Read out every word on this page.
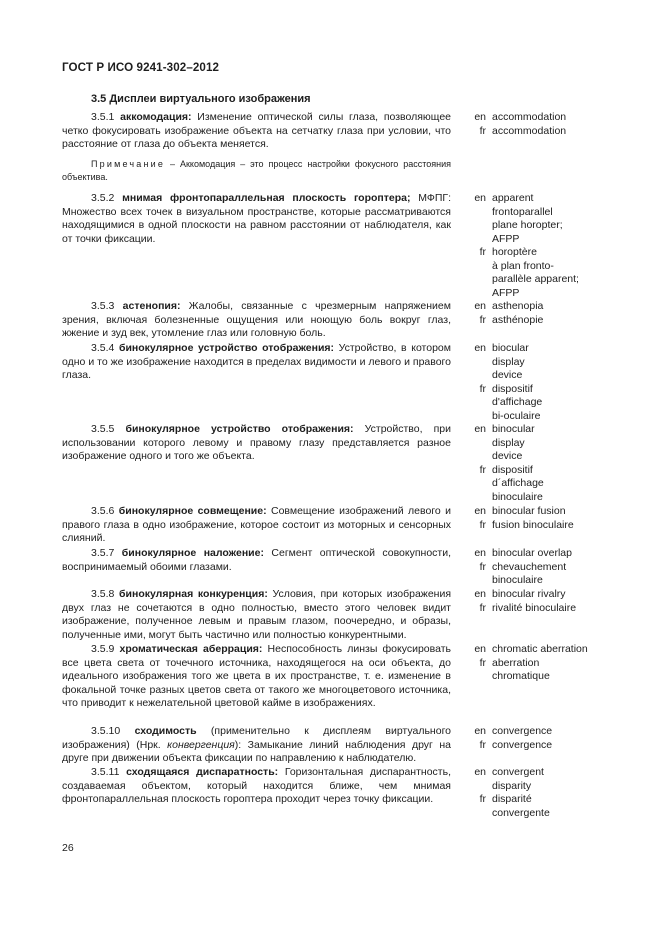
ГОСТ Р ИСО 9241-302–2012
3.5 Дисплеи виртуального изображения
3.5.1 аккомодация: Изменение оптической силы глаза, позволяющее четко фокусировать изображение объекта на сетчатку глаза при условии, что расстояние от глаза до объекта меняется.
en accommodation
fr accommodation
Примечание – Аккомодация – это процесс настройки фокусного расстояния объектива.
3.5.2 мнимая фронтопараллельная плоскость гороптера; МФПГ: Множество всех точек в визуальном пространстве, которые рассматриваются находящимися в одной плоскости на равном расстоянии от наблюдателя, как от точки фиксации.
en apparent
frontoparallel
plane horopter;
AFPP
fr horoptère
à plan fronto-
parallèle apparent;
AFPP
3.5.3 астенопия: Жалобы, связанные с чрезмерным напряжением зрения, включая болезненные ощущения или ноющую боль вокруг глаз, жжение и зуд век, утомление глаз или головную боль.
en asthenopia
fr asthénopie
3.5.4 бинокулярное устройство отображения: Устройство, в котором одно и то же изображение находится в пределах видимости и левого и правого глаза.
en biocular
display
device
fr dispositif
d'affichage
bi-oculaire
3.5.5 бинокулярное устройство отображения: Устройство, при использовании которого левому и правому глазу представляется разное изображение одного и того же объекта.
en binocular
display
device
fr dispositif
d´affichage
binoculaire
3.5.6 бинокулярное совмещение: Совмещение изображений левого и правого глаза в одно изображение, которое состоит из моторных и сенсорных слияний.
en binocular fusion
fr fusion binoculaire
3.5.7 бинокулярное наложение: Сегмент оптической совокупности, воспринимаемый обоими глазами.
en binocular overlap
fr chevauchement
binoculaire
3.5.8 бинокулярная конкуренция: Условия, при которых изображения двух глаз не сочетаются в одно полностью, вместо этого человек видит изображение, полученное левым и правым глазом, поочередно, и образы, полученные ими, могут быть частично или полностью конкурентными.
en binocular rivalry
fr rivalité binoculaire
3.5.9 хроматическая аберрация: Неспособность линзы фокусировать все цвета света от точечного источника, находящегося на оси объекта, до идеального изображения того же цвета в их пространстве, т. е. изменение в фокальной точке разных цветов света от такого же многоцветового источника, что приводит к нежелательной цветовой кайме в изображениях.
en chromatic aberration
fr aberration
chromatique
3.5.10 сходимость (применительно к дисплеям виртуального изображения) (Нрк. конвергенция): Замыкание линий наблюдения друг на друге при движении объекта фиксации по направлению к наблюдателю.
en convergence
fr convergence
3.5.11 сходящаяся диспаратность: Горизонтальная диспарантность, создаваемая объектом, который находится ближе, чем мнимая фронтопараллельная плоскость гороптера проходит через точку фиксации.
en convergent
disparity
fr disparité
convergente
26
